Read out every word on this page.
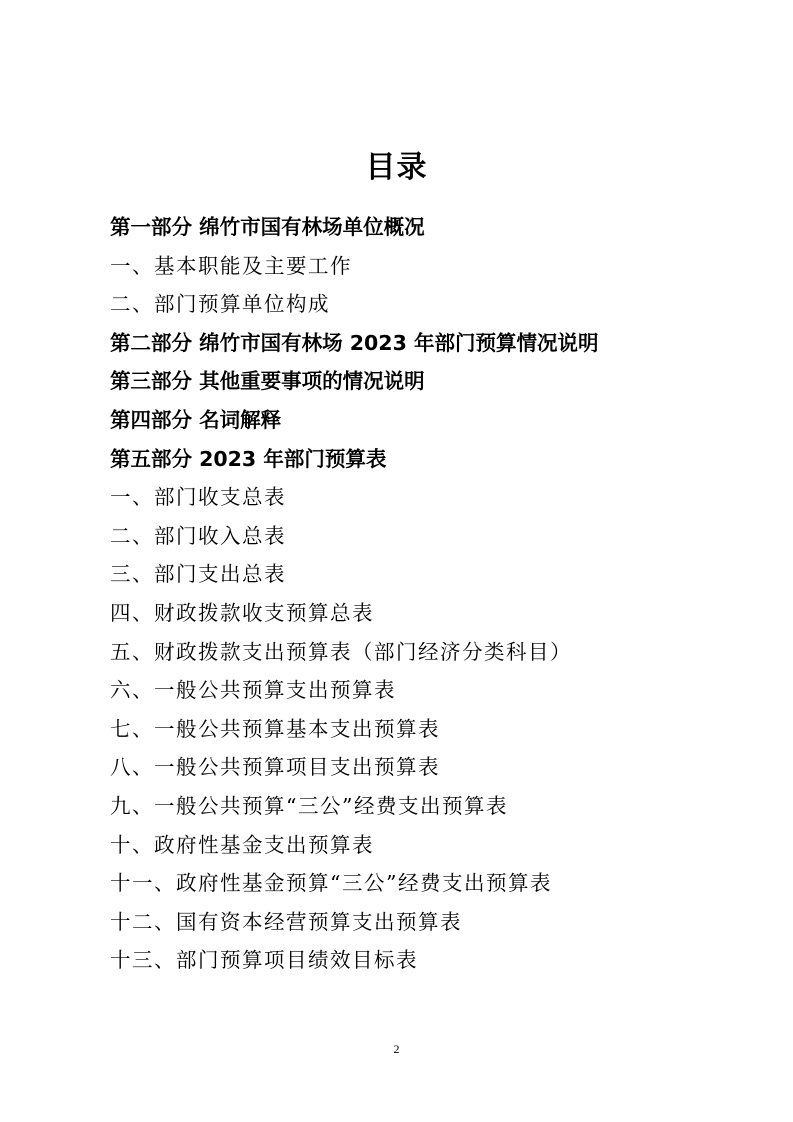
目录
第一部分 绵竹市国有林场单位概况
一、基本职能及主要工作
二、部门预算单位构成
第二部分 绵竹市国有林场 2023 年部门预算情况说明
第三部分 其他重要事项的情况说明
第四部分 名词解释
第五部分 2023 年部门预算表
一、部门收支总表
二、部门收入总表
三、部门支出总表
四、财政拨款收支预算总表
五、财政拨款支出预算表（部门经济分类科目）
六、一般公共预算支出预算表
七、一般公共预算基本支出预算表
八、一般公共预算项目支出预算表
九、一般公共预算“三公”经费支出预算表
十、政府性基金支出预算表
十一、政府性基金预算“三公”经费支出预算表
十二、国有资本经营预算支出预算表
十三、部门预算项目绩效目标表
2
